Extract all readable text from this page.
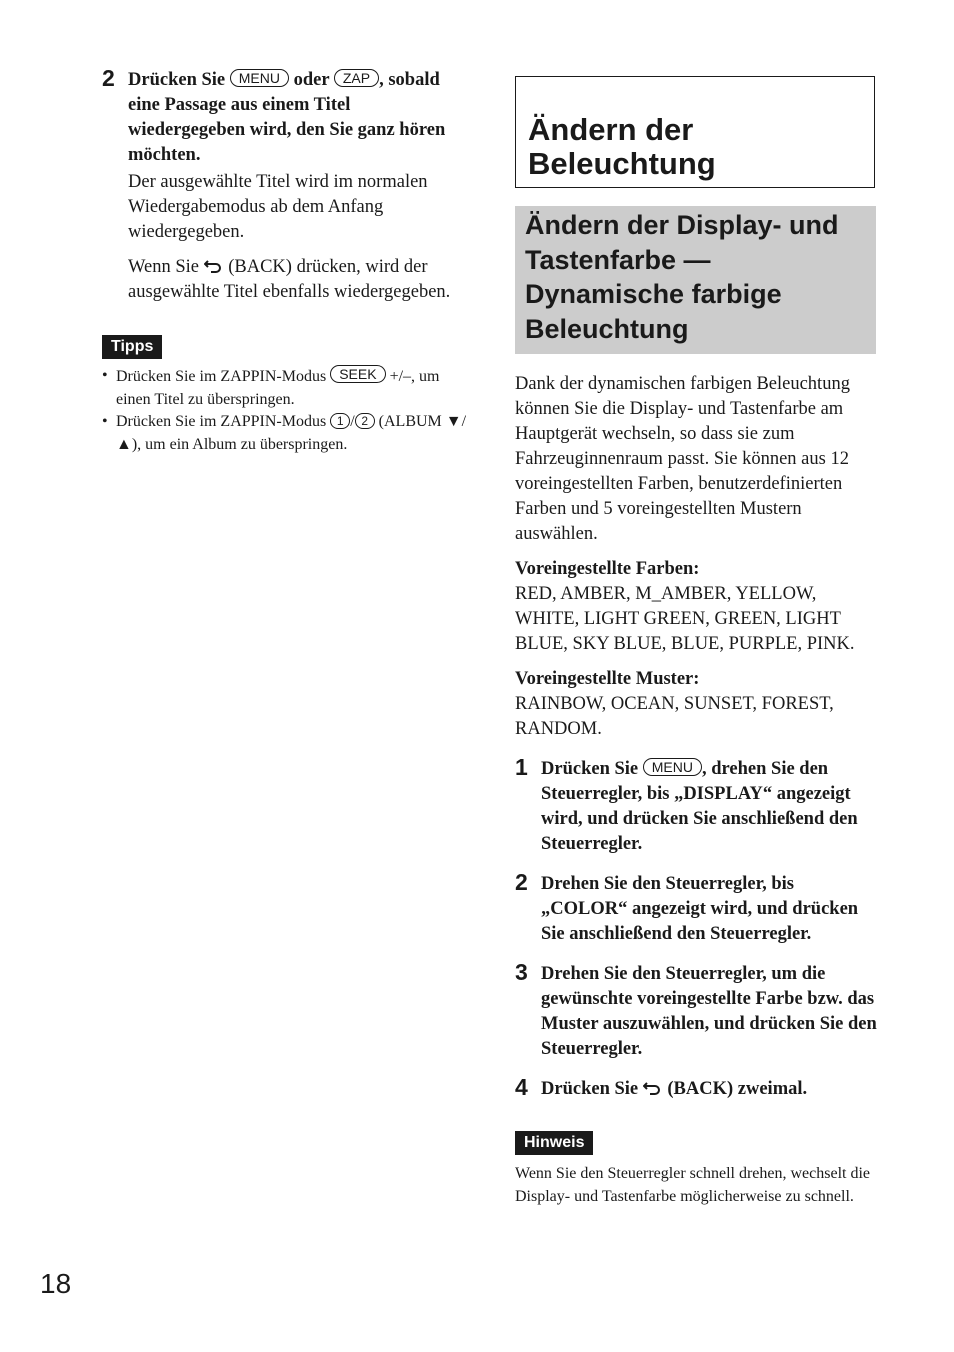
2 Drücken Sie MENU oder ZAP , sobald eine Passage aus einem Titel wiedergegeben wird, den Sie ganz hören möchten.
Der ausgewählte Titel wird im normalen Wiedergabemodus ab dem Anfang wiedergegeben.

Wenn Sie (BACK) drücken, wird der ausgewählte Titel ebenfalls wiedergegeben.

Tipps
• Drücken Sie im ZAPPIN-Modus SEEK +/–, um einen Titel zu überspringen.
• Drücken Sie im ZAPPIN-Modus 1 / 2 (ALBUM ▼/▲), um ein Album zu überspringen.
Ändern der Beleuchtung
Ändern der Display- und Tastenfarbe — Dynamische farbige Beleuchtung

Dank der dynamischen farbigen Beleuchtung können Sie die Display- und Tastenfarbe am Hauptgerät wechseln, so dass sie zum Fahrzeuginnenraum passt. Sie können aus 12 voreingestellten Farben, benutzerdefinierten Farben und 5 voreingestellten Mustern auswählen.

Voreingestellte Farben:
RED, AMBER, M_AMBER, YELLOW, WHITE, LIGHT GREEN, GREEN, LIGHT BLUE, SKY BLUE, BLUE, PURPLE, PINK.
Voreingestellte Muster:
RAINBOW, OCEAN, SUNSET, FOREST, RANDOM.
1 Drücken Sie MENU , drehen Sie den Steuerregler, bis „DISPLAY“ angezeigt wird, und drücken Sie anschließend den Steuerregler.
2 Drehen Sie den Steuerregler, bis „COLOR“ angezeigt wird, und drücken Sie anschließend den Steuerregler.
3 Drehen Sie den Steuerregler, um die gewünschte voreingestellte Farbe bzw. das Muster auszuwählen, und drücken Sie den Steuerregler.
4 Drücken Sie (BACK) zweimal.
Hinweis
Wenn Sie den Steuerregler schnell drehen, wechselt die Display- und Tastenfarbe möglicherweise zu schnell.
18
